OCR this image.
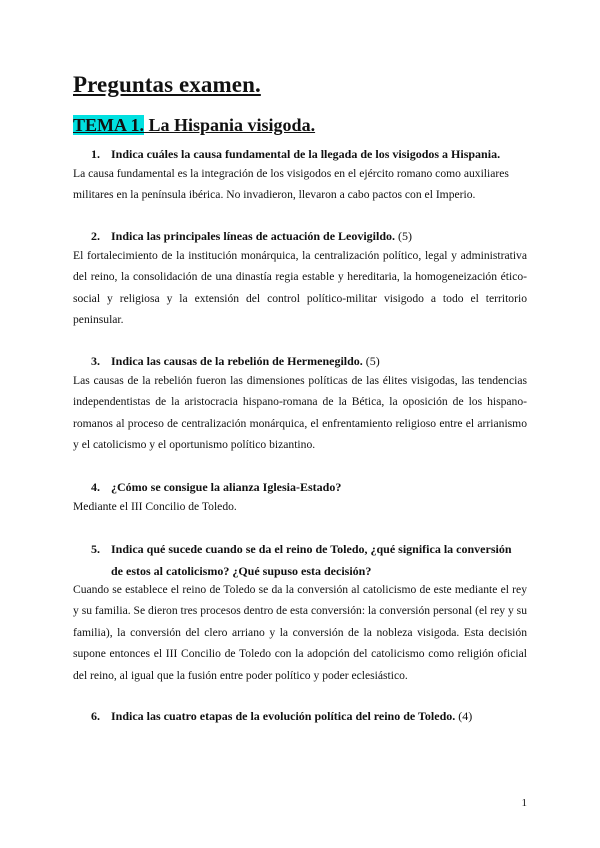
Preguntas examen.
TEMA 1. La Hispania visigoda.

1. Indica cuáles la causa fundamental de la llegada de los visigodos a Hispania.

La causa fundamental es la integración de los visigodos en el ejército romano como auxiliares militares en la península ibérica. No invadieron, llevaron a cabo pactos con el Imperio.

2. Indica las principales líneas de actuación de Leovigildo. (5)

El fortalecimiento de la institución monárquica, la centralización político, legal y administrativa del reino, la consolidación de una dinastía regia estable y hereditaria, la homogeneización ético-social y religiosa y la extensión del control político-militar visigodo a todo el territorio peninsular.

3. Indica las causas de la rebelión de Hermenegildo. (5)

Las causas de la rebelión fueron las dimensiones políticas de las élites visigodas, las tendencias independentistas de la aristocracia hispano-romana de la Bética, la oposición de los hispano-romanos al proceso de centralización monárquica, el enfrentamiento religioso entre el arrianismo y el catolicismo y el oportunismo político bizantino.

4. ¿Cómo se consigue la alianza Iglesia-Estado?

Mediante el III Concilio de Toledo.

5. Indica qué sucede cuando se da el reino de Toledo, ¿qué significa la conversión
de estos al catolicismo? ¿Qué supuso esta decisión?

Cuando se establece el reino de Toledo se da la conversión al catolicismo de este mediante el rey y su familia. Se dieron tres procesos dentro de esta conversión: la conversión personal (el rey y su familia), la conversión del clero arriano y la conversión de la nobleza visigoda. Esta decisión supone entonces el III Concilio de Toledo con la adopción del catolicismo como religión oficial del reino, al igual que la fusión entre poder político y poder eclesiástico.

6. Indica las cuatro etapas de la evolución política del reino de Toledo. (4)

1
